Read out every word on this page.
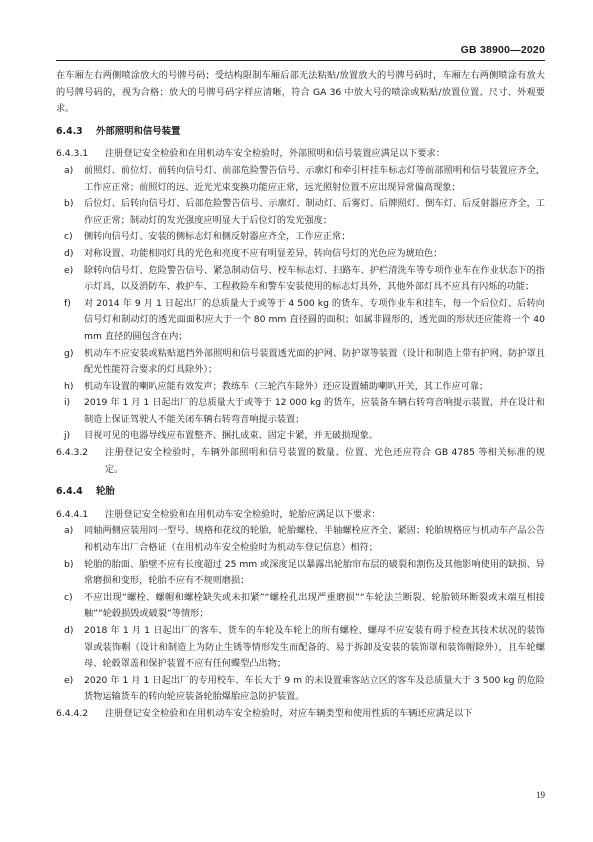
GB 38900—2020

在车厢左右两侧喷涂放大的号牌号码；受结构限制车厢后部无法粘贴/放置放大的号牌号码时，车厢左右两侧喷涂有放大的号牌号码的，视为合格；放大的号牌号码字样应清晰，符合 GA 36 中放大号的喷涂或粘贴/放置位置、尺寸、外观要求。

6.4.3	外部照明和信号装置
6.4.3.1	注册登记安全检验和在用机动车安全检验时，外部照明和信号装置应满足以下要求：
a)	前照灯、前位灯、前转向信号灯、前部危险警告信号、示廓灯和牵引杆挂车标志灯等前部照明和信号装置应齐全，工作应正常；前照灯的远、近光光束变换功能应正常，远光照射位置不应出现异常偏高现象；
b)	后位灯、后转向信号灯、后部危险警告信号、示廓灯、制动灯、后雾灯、后牌照灯、倒车灯、后反射器应齐全，工作应正常；制动灯的发光强度应明显大于后位灯的发光强度；
c)	侧转向信号灯、安装的侧标志灯和侧反射器应齐全，工作应正常；
d)	对称设置、功能相同灯具的光色和亮度不应有明显差异，转向信号灯的光色应为琥珀色；
e)	除转向信号灯、危险警告信号、紧急制动信号、校车标志灯、扫路车、护栏清洗车等专项作业车在作业状态下的指示灯具，以及消防车、救护车、工程救险车和警车安装使用的标志灯具外，其他外部灯具不应具有闪烁的功能；
f)	对 2014 年 9 月 1 日起出厂的总质量大于或等于 4 500 kg 的货车、专项作业车和挂车，每一个后位灯、后转向信号灯和制动灯的透光面面积应大于一个 80 mm 直径圆的面积；如属非圆形的，透光面的形状还应能将一个 40 mm 直径的圆包含在内；
g)	机动车不应安装或粘贴遮挡外部照明和信号装置透光面的护网、防护罩等装置（设计和制造上带有护网、防护罩且配光性能符合要求的灯具除外）；
h)	机动车设置的喇叭应能有效发声；教练车（三轮汽车除外）还应设置辅助喇叭开关，其工作应可靠；
i)	2019 年 1 月 1 日起出厂的总质量大于或等于 12 000 kg 的货车，应装备车辆右转弯音响提示装置，并在设计和制造上保证驾驶人不能关闭车辆右转弯音响提示装置；
j)	目视可见的电器导线应布置整齐、捆扎成束、固定卡紧，并无破损现象。
6.4.3.2	注册登记安全检验时，车辆外部照明和信号装置的数量、位置、光色还应符合 GB 4785 等相关标准的规定。
6.4.4	轮胎
6.4.4.1	注册登记安全检验和在用机动车安全检验时，轮胎应满足以下要求：
a)	同轴两侧应装用同一型号、规格和花纹的轮胎，轮胎螺栓、半轴螺栓应齐全、紧固；轮胎规格应与机动车产品公告和机动车出厂合格证（在用机动车安全检验时为机动车登记信息）相符；
b)	轮胎的胎面、胎壁不应有长度超过 25 mm 或深度足以暴露出轮胎帘布层的破裂和割伤及其他影响使用的缺损、异常磨损和变形，轮胎不应有不规则磨损；
c)	不应出现“螺栓、螺帽和螺栓缺失或未扣紧”“螺栓孔出现严重磨损”“车轮法兰断裂、轮胎锁环断裂或末端互相接触”“轮毂损毁或破裂”等情形；
d)	2018 年 1 月 1 日起出厂的客车、货车的车轮及车轮上的所有螺栓、螺母不应安装有碍于检查其技术状况的装饰罩或装饰帽（设计和制造上为防止生锈等情形发生而配备的、易于拆卸及安装的装饰罩和装饰帽除外），且车轮螺母、轮毂罩盖和保护装置不应有任何蝶型凸出物；
e)	2020 年 1 月 1 日起出厂的专用校车、车长大于 9 m 的未设置乘客站立区的客车及总质量大于 3 500 kg 的危险货物运输货车的转向轮应装备轮胎爆胎应急防护装置。
6.4.4.2	注册登记安全检验和在用机动车安全检验时，对应车辆类型和使用性质的车辆还应满足以下
19
